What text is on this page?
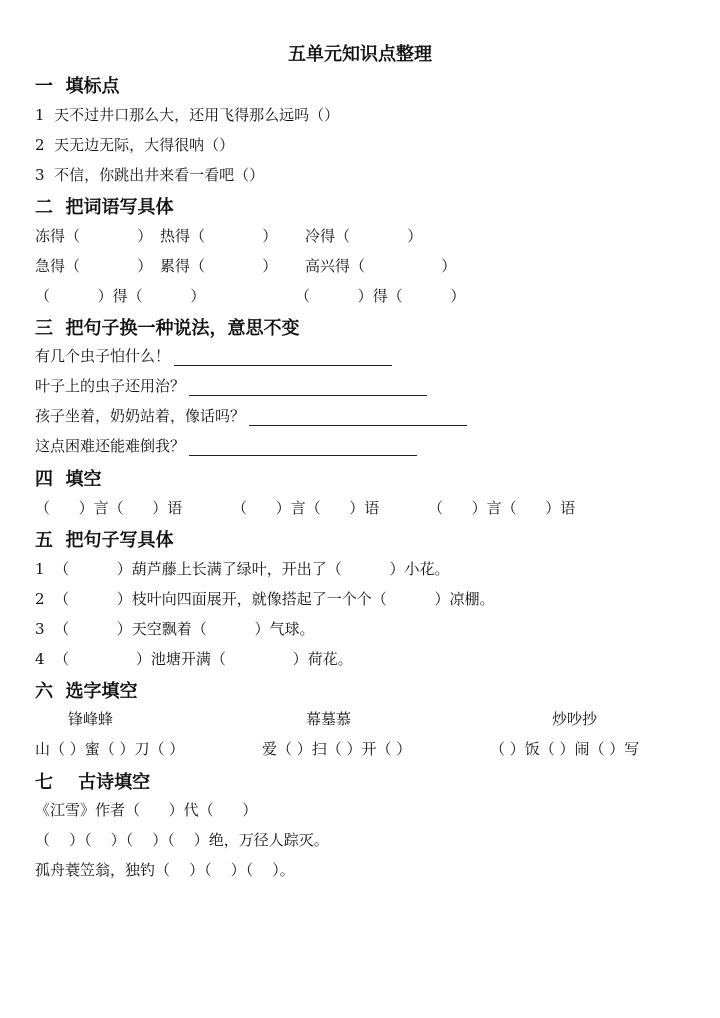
五单元知识点整理
一  填标点
1  天不过井口那么大，还用飞得那么远吗（）
2  天无边无际，大得很呐（）
3  不信，你跳出井来看一看吧（）
二  把词语写具体
冻得（            ） 热得（            ） 冷得（            ）
急得（            ） 累得（            ） 高兴得（                ）
（          ）得（          ）	（          ）得（          ）
三  把句子换一种说法，意思不变
有几个虫子怕什么！
叶子上的虫子还用治？
孩子坐着，奶奶站着，像话吗？
这点困难还能难倒我？
四  填空
（      ）言（      ）语	（      ）言（      ）语	（      ）言（      ）语
五  把句子写具体
1  （          ）葫芦藤上长满了绿叶，开出了（          ）小花。
2  （          ）枝叶向四面展开，就像搭起了一个个（          ）凉棚。
3  （          ）天空飘着（          ）气球。
4  （              ）池塘开满（              ）荷花。
六  选字填空
锋峰蜂	幕墓慕	炒吵抄
山（ ）蜜（ ）刀（ ）	爱（ ）扫（ ）开（ ）	（ ）饭（ ）闹（ ）写
七    古诗填空
《江雪》作者（      ）代（      ）
（    ）（    ）（    ）（    ）绝，万径人踪灭。
孤舟蓑笠翁，独钓（    ）（    ）（    ）。
